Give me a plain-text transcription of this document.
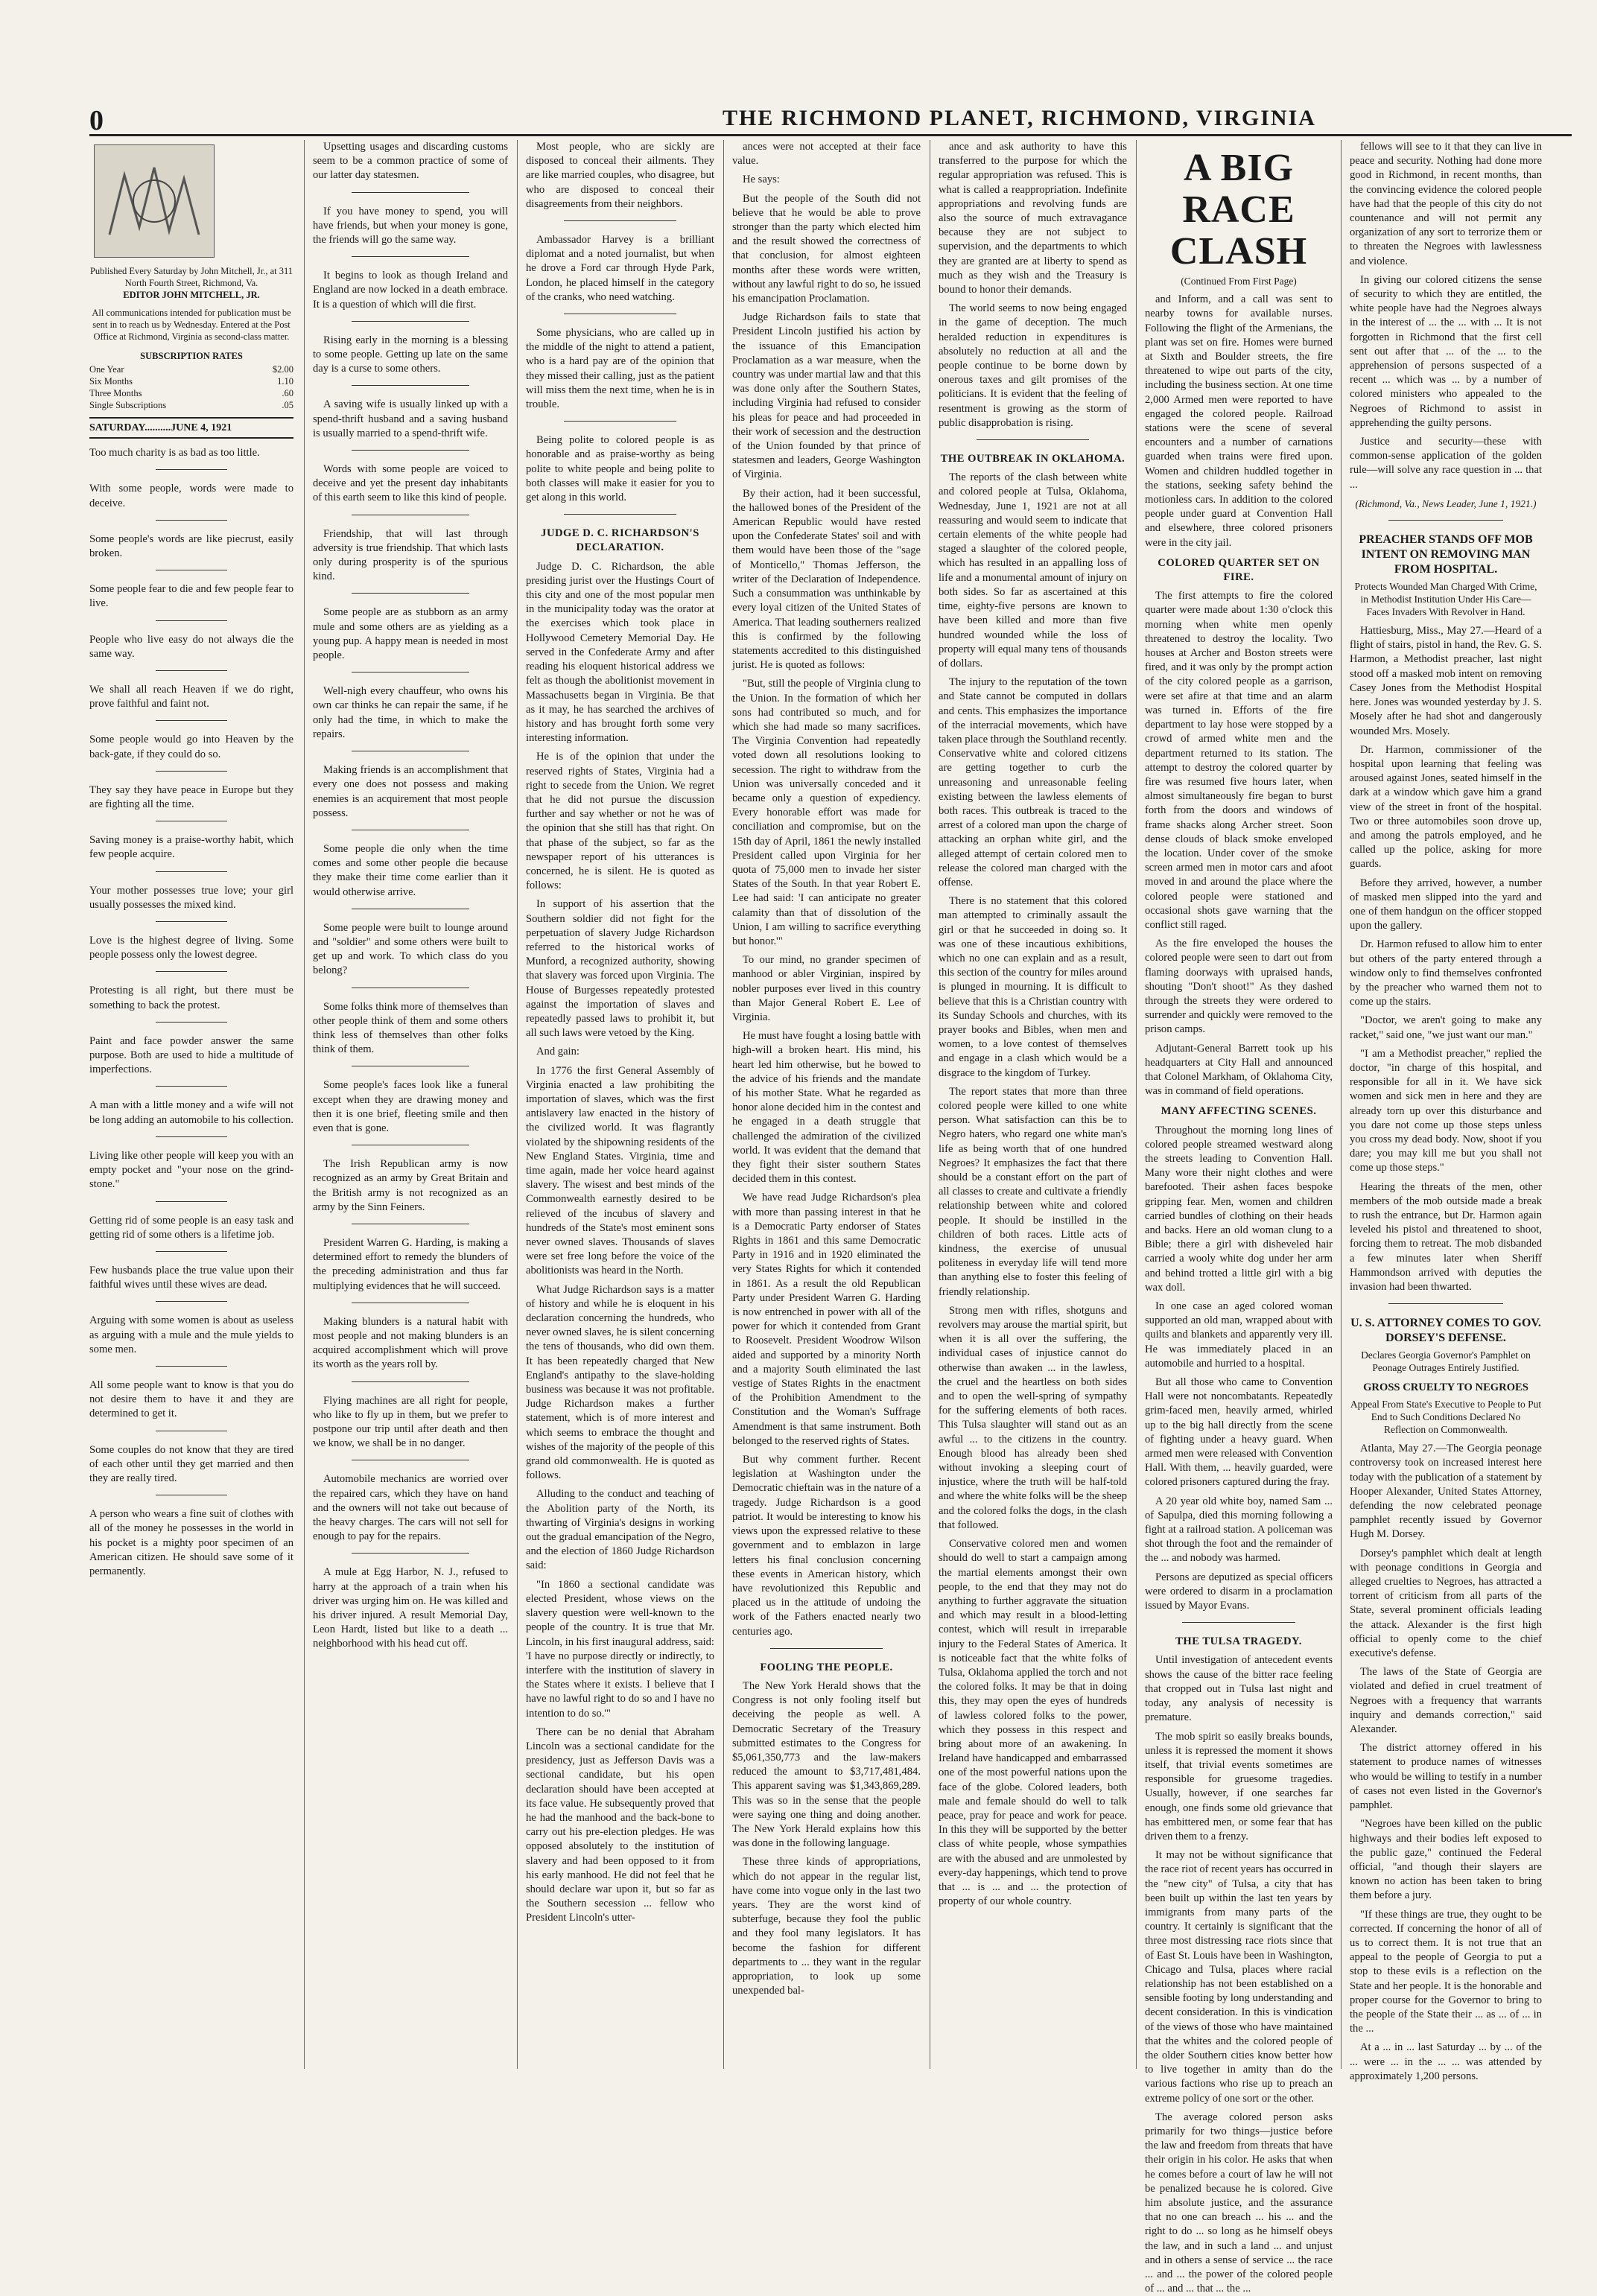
0	THE RICHMOND PLANET, RICHMOND, VIRGINIA
Published Every Saturday by John Mitchell, Jr., at 311 North Fourth Street, Richmond, Va.
EDITOR JOHN MITCHELL, JR.
All communications intended for publication must be sent in to reach us by Wednesday. Entered at the Post Office at Richmond, Virginia as second-class matter.
SUBSCRIPTION RATES
One Year	$2.00
Six Months	1.10
Three Months	.60
Single Subscriptions	.05
SATURDAY..........JUNE 4, 1921

Too much charity is as bad as too little.

With some people, words were made to deceive.

Some people's words are like piecrust, easily broken.

Some people fear to die and few people fear to live.

People who live easy do not always die the same way.

We shall all reach Heaven if we do right, prove faithful and faint not.

Some people would go into Heaven by the back-gate, if they could do so.

They say they have peace in Europe but they are fighting all the time.

Saving money is a praise-worthy habit, which few people acquire.

Your mother possesses true love; your girl usually possesses the mixed kind.

Love is the highest degree of living. Some people possess only the lowest degree.

Protesting is all right, but there must be something to back the protest.

Paint and face powder answer the same purpose. Both are used to hide a multitude of imperfections.

A man with a little money and a wife will not be long adding an automobile to his collection.

Living like other people will keep you with an empty pocket and "your nose on the grind-stone."

Getting rid of some people is an easy task and getting rid of some others is a lifetime job.

Few husbands place the true value upon their faithful wives until these wives are dead.

Arguing with some women is about as useless as arguing with a mule and the mule yields to some men.

All some people want to know is that you do not desire them to have it and they are determined to get it.

Some couples do not know that they are tired of each other until they get married and then they are really tired.

A person who wears a fine suit of clothes with all of the money he possesses in the world in his pocket is a mighty poor specimen of an American citizen. He should save some of it permanently.

Upsetting usages and discarding customs seem to be a common practice of some of our latter day statesmen.

If you have money to spend, you will have friends, but when your money is gone, the friends will go the same way.

It begins to look as though Ireland and England are now locked in a death embrace. It is a question of which will die first.

Rising early in the morning is a blessing to some people. Getting up late on the same day is a curse to some others.

A saving wife is usually linked up with a spend-thrift husband and a saving husband is usually married to a spend-thrift wife.

Words with some people are voiced to deceive and yet the present day inhabitants of this earth seem to like this kind of people.

Friendship, that will last through adversity is true friendship. That which lasts only during prosperity is of the spurious kind.

Some people are as stubborn as an army mule and some others are as yielding as a young pup. A happy mean is needed in most people.

Well-nigh every chauffeur, who owns his own car thinks he can repair the same, if he only had the time, in which to make the repairs.

Making friends is an accomplishment that every one does not possess and making enemies is an acquirement that most people possess.

Some people die only when the time comes and some other people die because they make their time come earlier than it would otherwise arrive.

Some people were built to lounge around and "soldier" and some others were built to get up and work. To which class do you belong?

Some folks think more of themselves than other people think of them and some others think less of themselves than other folks think of them.

Some people's faces look like a funeral except when they are drawing money and then it is one brief, fleeting smile and then even that is gone.

The Irish Republican army is now recognized as an army by Great Britain and the British army is not recognized as an army by the Sinn Feiners.

President Warren G. Harding, is making a determined effort to remedy the blunders of the preceding administration and thus far multiplying evidences that he will succeed.

Making blunders is a natural habit with most people and not making blunders is an acquired accomplishment which will prove its worth as the years roll by.

Flying machines are all right for people, who like to fly up in them, but we prefer to postpone our trip until after death and then we know, we shall be in no danger.

Automobile mechanics are worried over the repaired cars, which they have on hand and the owners will not take out because of the heavy charges. The cars will not sell for enough to pay for the repairs.

A mule at Egg Harbor, N. J., refused to harry at the approach of a train when his driver was urging him on. He was killed and his driver injured. A result Memorial Day, Leon Hardt, listed but like to a death ... neighborhood with his head cut off.

Most people, who are sickly are disposed to conceal their ailments. They are like married couples, who disagree, but who are disposed to conceal their disagreements from their neighbors.

Ambassador Harvey is a brilliant diplomat and a noted journalist, but when he drove a Ford car through Hyde Park, London, he placed himself in the category of the cranks, who need watching.

Some physicians, who are called up in the middle of the night to attend a patient, who is a hard pay are of the opinion that they missed their calling, just as the patient will miss them the next time, when he is in trouble.

Being polite to colored people is as honorable and as praise-worthy as being polite to white people and being polite to both classes will make it easier for you to get along in this world.

JUDGE D. C. RICHARDSON'S DECLARATION.

Judge D. C. Richardson, the able presiding jurist over the Hustings Court of this city and one of the most popular men in the municipality today was the orator at the exercises which took place in Hollywood Cemetery Memorial Day. He served in the Confederate Army and after reading his eloquent historical address we felt as though the abolitionist movement in Massachusetts began in Virginia. Be that as it may, he has searched the archives of history and has brought forth some very interesting information.

He is of the opinion that under the reserved rights of States, Virginia had a right to secede from the Union. We regret that he did not pursue the discussion further and say whether or not he was of the opinion that she still has that right. On that phase of the subject, so far as the newspaper report of his utterances is concerned, he is silent. He is quoted as follows:

In support of his assertion that the Southern soldier did not fight for the perpetuation of slavery Judge Richardson referred to the historical works of Munford, a recognized authority, showing that slavery was forced upon Virginia. The House of Burgesses repeatedly protested against the importation of slaves and repeatedly passed laws to prohibit it, but all such laws were vetoed by the King.

And gain:

In 1776 the first General Assembly of Virginia enacted a law prohibiting the importation of slaves, which was the first antislavery law enacted in the history of the civilized world. It was flagrantly violated by the shipowning residents of the New England States. Virginia, time and time again, made her voice heard against slavery. The wisest and best minds of the Commonwealth earnestly desired to be relieved of the incubus of slavery and hundreds of the State's most eminent sons never owned slaves. Thousands of slaves were set free long before the voice of the abolitionists was heard in the North.

What Judge Richardson says is a matter of history and while he is eloquent in his declaration concerning the hundreds, who never owned slaves, he is silent concerning the tens of thousands, who did own them. It has been repeatedly charged that New England's antipathy to the slave-holding business was because it was not profitable. Judge Richardson makes a further statement, which is of more interest and which seems to embrace the thought and wishes of the majority of the people of this grand old commonwealth. He is quoted as follows.

Alluding to the conduct and teaching of the Abolition party of the North, its thwarting of Virginia's designs in working out the gradual emancipation of the Negro, and the election of 1860 Judge Richardson said:

"In 1860 a sectional candidate was elected President, whose views on the slavery question were well-known to the people of the country. It is true that Mr. Lincoln, in his first inaugural address, said: 'I have no purpose directly or indirectly, to interfere with the institution of slavery in the States where it exists. I believe that I have no lawful right to do so and I have no intention to do so.'"

There can be no denial that Abraham Lincoln was a sectional candidate for the presidency, just as Jefferson Davis was a sectional candidate, but his open declaration should have been accepted at its face value. He subsequently proved that he had the manhood and the back-bone to carry out his pre-election pledges. He was opposed absolutely to the institution of slavery and had been opposed to it from his early manhood. He did not feel that he should declare war upon it, but so far as the Southern secession ... fellow who President Lincoln's utter-

ances were not accepted at their face value.

He says:

But the people of the South did not believe that he would be able to prove stronger than the party which elected him and the result showed the correctness of that conclusion, for almost eighteen months after these words were written, without any lawful right to do so, he issued his emancipation Proclamation.

Judge Richardson fails to state that President Lincoln justified his action by the issuance of this Emancipation Proclamation as a war measure, when the country was under martial law and that this was done only after the Southern States, including Virginia had refused to consider his pleas for peace and had proceeded in their work of secession and the destruction of the Union founded by that prince of statesmen and leaders, George Washington of Virginia.

By their action, had it been successful, the hallowed bones of the President of the American Republic would have rested upon the Confederate States' soil and with them would have been those of the "sage of Monticello," Thomas Jefferson, the writer of the Declaration of Independence. Such a consummation was unthinkable by every loyal citizen of the United States of America. That leading southerners realized this is confirmed by the following statements accredited to this distinguished jurist. He is quoted as follows:

"But, still the people of Virginia clung to the Union. In the formation of which her sons had contributed so much, and for which she had made so many sacrifices. The Virginia Convention had repeatedly voted down all resolutions looking to secession. The right to withdraw from the Union was universally conceded and it became only a question of expediency. Every honorable effort was made for conciliation and compromise, but on the 15th day of April, 1861 the newly installed President called upon Virginia for her quota of 75,000 men to invade her sister States of the South. In that year Robert E. Lee had said: 'I can anticipate no greater calamity than that of dissolution of the Union, I am willing to sacrifice everything but honor.'"

To our mind, no grander specimen of manhood or abler Virginian, inspired by nobler purposes ever lived in this country than Major General Robert E. Lee of Virginia.

He must have fought a losing battle with high-will a broken heart. His mind, his heart led him otherwise, but he bowed to the advice of his friends and the mandate of his mother State. What he regarded as honor alone decided him in the contest and he engaged in a death struggle that challenged the admiration of the civilized world. It was evident that the demand that they fight their sister southern States decided them in this contest.

We have read Judge Richardson's plea with more than passing interest in that he is a Democratic Party endorser of States Rights in 1861 and this same Democratic Party in 1916 and in 1920 eliminated the very States Rights for which it contended in 1861. As a result the old Republican Party under President Warren G. Harding is now entrenched in power with all of the power for which it contended from Grant to Roosevelt. President Woodrow Wilson aided and supported by a minority North and a majority South eliminated the last vestige of States Rights in the enactment of the Prohibition Amendment to the Constitution and the Woman's Suffrage Amendment is that same instrument. Both belonged to the reserved rights of States.

But why comment further. Recent legislation at Washington under the Democratic chieftain was in the nature of a tragedy. Judge Richardson is a good patriot. It would be interesting to know his views upon the expressed relative to these government and to emblazon in large letters his final conclusion concerning these events in American history, which have revolutionized this Republic and placed us in the attitude of undoing the work of the Fathers enacted nearly two centuries ago.

FOOLING THE PEOPLE.

The New York Herald shows that the Congress is not only fooling itself but deceiving the people as well. A Democratic Secretary of the Treasury submitted estimates to the Congress for $5,061,350,773 and the law-makers reduced the amount to $3,717,481,484. This apparent saving was $1,343,869,289. This was so in the sense that the people were saying one thing and doing another. The New York Herald explains how this was done in the following language.

These three kinds of appropriations, which do not appear in the regular list, have come into vogue only in the last two years. They are the worst kind of subterfuge, because they fool the public and they fool many legislators. It has become the fashion for different departments to ... they want in the regular appropriation, to look up some unexpended bal-

ance and ask authority to have this transferred to the purpose for which the regular appropriation was refused. This is what is called a reappropriation. Indefinite appropriations and revolving funds are also the source of much extravagance because they are not subject to supervision, and the departments to which they are granted are at liberty to spend as much as they wish and the Treasury is bound to honor their demands.

The world seems to now being engaged in the game of deception. The much heralded reduction in expenditures is absolutely no reduction at all and the people continue to be borne down by onerous taxes and gilt promises of the politicians. It is evident that the feeling of resentment is growing as the storm of public disapprobation is rising.

THE OUTBREAK IN OKLAHOMA.

The reports of the clash between white and colored people at Tulsa, Oklahoma, Wednesday, June 1, 1921 are not at all reassuring and would seem to indicate that certain elements of the white people had staged a slaughter of the colored people, which has resulted in an appalling loss of life and a monumental amount of injury on both sides. So far as ascertained at this time, eighty-five persons are known to have been killed and more than five hundred wounded while the loss of property will equal many tens of thousands of dollars.

The injury to the reputation of the town and State cannot be computed in dollars and cents. This emphasizes the importance of the interracial movements, which have taken place through the Southland recently. Conservative white and colored citizens are getting together to curb the unreasoning and unreasonable feeling existing between the lawless elements of both races. This outbreak is traced to the arrest of a colored man upon the charge of attacking an orphan white girl, and the alleged attempt of certain colored men to release the colored man charged with the offense.

There is no statement that this colored man attempted to criminally assault the girl or that he succeeded in doing so. It was one of these incautious exhibitions, which no one can explain and as a result, this section of the country for miles around is plunged in mourning. It is difficult to believe that this is a Christian country with its Sunday Schools and churches, with its prayer books and Bibles, when men and women, to a love contest of themselves and engage in a clash which would be a disgrace to the kingdom of Turkey.

The report states that more than three colored people were killed to one white person. What satisfaction can this be to Negro haters, who regard one white man's life as being worth that of one hundred Negroes? It emphasizes the fact that there should be a constant effort on the part of all classes to create and cultivate a friendly relationship between white and colored people. It should be instilled in the children of both races. Little acts of kindness, the exercise of unusual politeness in everyday life will tend more than anything else to foster this feeling of friendly relationship.

Strong men with rifles, shotguns and revolvers may arouse the martial spirit, but when it is all over the suffering, the individual cases of injustice cannot do otherwise than awaken ... in the lawless, the cruel and the heartless on both sides and to open the well-spring of sympathy for the suffering elements of both races. This Tulsa slaughter will stand out as an awful ... to the citizens in the country. Enough blood has already been shed without invoking a sleeping court of injustice, where the truth will be half-told and where the white folks will be the sheep and the colored folks the dogs, in the clash that followed.

Conservative colored men and women should do well to start a campaign among the martial elements amongst their own people, to the end that they may not do anything to further aggravate the situation and which may result in a blood-letting contest, which will result in irreparable injury to the Federal States of America. It is noticeable fact that the white folks of Tulsa, Oklahoma applied the torch and not the colored folks. It may be that in doing this, they may open the eyes of hundreds of lawless colored folks to the power, which they possess in this respect and bring about more of an awakening. In Ireland have handicapped and embarrassed one of the most powerful nations upon the face of the globe. Colored leaders, both male and female should do well to talk peace, pray for peace and work for peace. In this they will be supported by the better class of white people, whose sympathies are with the abused and are unmolested by every-day happenings, which tend to prove that ... is ... and ... the protection of property of our whole country.

A BIG RACE CLASH
(Continued From First Page)

and Inform, and a call was sent to nearby towns for available nurses. Following the flight of the Armenians, the plant was set on fire. Homes were burned at Sixth and Boulder streets, the fire threatened to wipe out parts of the city, including the business section. At one time 2,000 Armed men were reported to have engaged the colored people. Railroad stations were the scene of several encounters and a number of carnations guarded when trains were fired upon. Women and children huddled together in the stations, seeking safety behind the motionless cars. In addition to the colored people under guard at Convention Hall and elsewhere, three colored prisoners were in the city jail.

COLORED QUARTER SET ON FIRE.

The first attempts to fire the colored quarter were made about 1:30 o'clock this morning when white men openly threatened to destroy the locality. Two houses at Archer and Boston streets were fired, and it was only by the prompt action of the city colored people as a garrison, were set afire at that time and an alarm was turned in. Efforts of the fire department to lay hose were stopped by a crowd of armed white men and the department returned to its station. The attempt to destroy the colored quarter by fire was resumed five hours later, when almost simultaneously fire began to burst forth from the doors and windows of frame shacks along Archer street. Soon dense clouds of black smoke enveloped the location. Under cover of the smoke screen armed men in motor cars and afoot moved in and around the place where the colored people were stationed and occasional shots gave warning that the conflict still raged.

As the fire enveloped the houses the colored people were seen to dart out from flaming doorways with upraised hands, shouting "Don't shoot!" As they dashed through the streets they were ordered to surrender and quickly were removed to the prison camps.

Adjutant-General Barrett took up his headquarters at City Hall and announced that Colonel Markham, of Oklahoma City, was in command of field operations.

MANY AFFECTING SCENES.

Throughout the morning long lines of colored people streamed westward along the streets leading to Convention Hall. Many wore their night clothes and were barefooted. Their ashen faces bespoke gripping fear. Men, women and children carried bundles of clothing on their heads and backs. Here an old woman clung to a Bible; there a girl with disheveled hair carried a wooly white dog under her arm and behind trotted a little girl with a big wax doll.

In one case an aged colored woman supported an old man, wrapped about with quilts and blankets and apparently very ill. He was immediately placed in an automobile and hurried to a hospital.

But all those who came to Convention Hall were not noncombatants. Repeatedly grim-faced men, heavily armed, whirled up to the big hall directly from the scene of fighting under a heavy guard. When armed men were released with Convention Hall. With them, ... heavily guarded, were colored prisoners captured during the fray.

A 20 year old white boy, named Sam ... of Sapulpa, died this morning following a fight at a railroad station. A policeman was shot through the foot and the remainder of the ... and nobody was harmed.

Persons are deputized as special officers were ordered to disarm in a proclamation issued by Mayor Evans.

THE TULSA TRAGEDY.

Until investigation of antecedent events shows the cause of the bitter race feeling that cropped out in Tulsa last night and today, any analysis of necessity is premature.

The mob spirit so easily breaks bounds, unless it is repressed the moment it shows itself, that trivial events sometimes are responsible for gruesome tragedies. Usually, however, if one searches far enough, one finds some old grievance that has embittered men, or some fear that has driven them to a frenzy.

It may not be without significance that the race riot of recent years has occurred in the "new city" of Tulsa, a city that has been built up within the last ten years by immigrants from many parts of the country. It certainly is significant that the three most distressing race riots since that of East St. Louis have been in Washington, Chicago and Tulsa, places where racial relationship has not been established on a sensible footing by long understanding and decent consideration. In this is vindication of the views of those who have maintained that the whites and the colored people of the older Southern cities know better how to live together in amity than do the various factions who rise up to preach an extreme policy of one sort or the other.

The average colored person asks primarily for two things—justice before the law and freedom from threats that have their origin in his color. He asks that when he comes before a court of law he will not be penalized because he is colored. Give him absolute justice, and the assurance that no one can breach ... his ... and the right to do ... so long as he himself obeys the law, and in such a land ... and unjust and in others a sense of service ... the race ... and ... the power of the colored people of ... and ... that ... the ...

fellows will see to it that they can live in peace and security. Nothing had done more good in Richmond, in recent months, than the convincing evidence the colored people have had that the people of this city do not countenance and will not permit any organization of any sort to terrorize them or to threaten the Negroes with lawlessness and violence.

In giving our colored citizens the sense of security to which they are entitled, the white people have had the Negroes always in the interest of ... the ... with ... It is not forgotten in Richmond that the first cell sent out after that ... of the ... to the apprehension of persons suspected of a recent ... which was ... by a number of colored ministers who appealed to the Negroes of Richmond to assist in apprehending the guilty persons.

Justice and security—these with common-sense application of the golden rule—will solve any race question in ... that ...

(Richmond, Va., News Leader, June 1, 1921.)
PREACHER STANDS OFF MOB INTENT ON REMOVING MAN FROM HOSPITAL.
Protects Wounded Man Charged With Crime, in Methodist Institution Under His Care—Faces Invaders With Revolver in Hand.

Hattiesburg, Miss., May 27.—Heard of a flight of stairs, pistol in hand, the Rev. G. S. Harmon, a Methodist preacher, last night stood off a masked mob intent on removing Casey Jones from the Methodist Hospital here. Jones was wounded yesterday by J. S. Mosely after he had shot and dangerously wounded Mrs. Mosely.

Dr. Harmon, commissioner of the hospital upon learning that feeling was aroused against Jones, seated himself in the dark at a window which gave him a grand view of the street in front of the hospital. Two or three automobiles soon drove up, and among the patrols employed, and he called up the police, asking for more guards.

Before they arrived, however, a number of masked men slipped into the yard and one of them handgun on the officer stopped upon the gallery.

Dr. Harmon refused to allow him to enter but others of the party entered through a window only to find themselves confronted by the preacher who warned them not to come up the stairs.

"Doctor, we aren't going to make any racket," said one, "we just want our man."

"I am a Methodist preacher," replied the doctor, "in charge of this hospital, and responsible for all in it. We have sick women and sick men in here and they are already torn up over this disturbance and you dare not come up those steps unless you cross my dead body. Now, shoot if you dare; you may kill me but you shall not come up those steps."

Hearing the threats of the men, other members of the mob outside made a break to rush the entrance, but Dr. Harmon again leveled his pistol and threatened to shoot, forcing them to retreat. The mob disbanded a few minutes later when Sheriff Hammondson arrived with deputies the invasion had been thwarted.

U. S. ATTORNEY COMES TO GOV. DORSEY'S DEFENSE.
Declares Georgia Governor's Pamphlet on Peonage Outrages Entirely Justified.
GROSS CRUELTY TO NEGROES
Appeal From State's Executive to People to Put End to Such Conditions Declared No Reflection on Commonwealth.

Atlanta, May 27.—The Georgia peonage controversy took on increased interest here today with the publication of a statement by Hooper Alexander, United States Attorney, defending the now celebrated peonage pamphlet recently issued by Governor Hugh M. Dorsey.

Dorsey's pamphlet which dealt at length with peonage conditions in Georgia and alleged cruelties to Negroes, has attracted a torrent of criticism from all parts of the State, several prominent officials leading the attack. Alexander is the first high official to openly come to the chief executive's defense.

The laws of the State of Georgia are violated and defied in cruel treatment of Negroes with a frequency that warrants inquiry and demands correction," said Alexander.

The district attorney offered in his statement to produce names of witnesses who would be willing to testify in a number of cases not even listed in the Governor's pamphlet.

"Negroes have been killed on the public highways and their bodies left exposed to the public gaze," continued the Federal official, "and though their slayers are known no action has been taken to bring them before a jury.

"If these things are true, they ought to be corrected. If concerning the honor of all of us to correct them. It is not true that an appeal to the people of Georgia to put a stop to these evils is a reflection on the State and her people. It is the honorable and proper course for the Governor to bring to the people of the State their ... as ... of ... in the ...

At a ... in ... last Saturday ... by ... of the ... were ... in the ... ... was attended by approximately 1,200 persons.
